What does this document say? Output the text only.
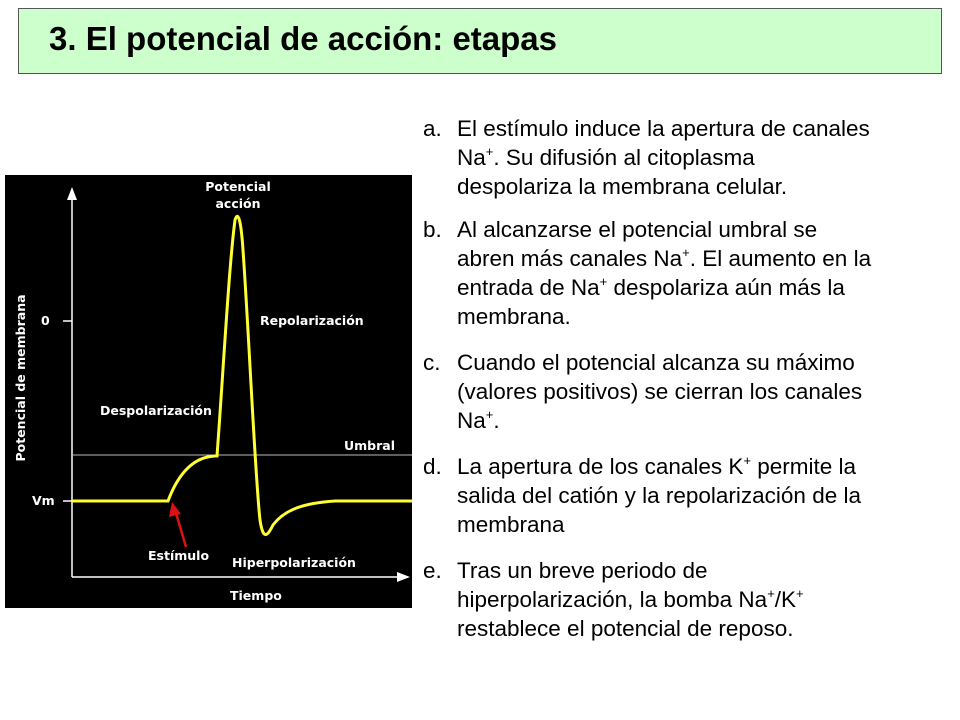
3. El potencial de acción: etapas
Potencial
acción
Repolarización
Despolarización
Umbral
0
Vm
Estímulo Hiperpolarización
Tiempo
Potencial de membrana
a. El estímulo induce la apertura de canales
Na+. Su difusión al citoplasma
despolariza la membrana celular.
b. Al alcanzarse el potencial umbral se
abren más canales Na+. El aumento en la
entrada de Na+ despolariza aún más la
membrana.
c. Cuando el potencial alcanza su máximo
(valores positivos) se cierran los canales
Na+.
d. La apertura de los canales K+ permite la
salida del catión y la repolarización de la
membrana
e. Tras un breve periodo de
hiperpolarización, la bomba Na+/K+
restablece el potencial de reposo.
